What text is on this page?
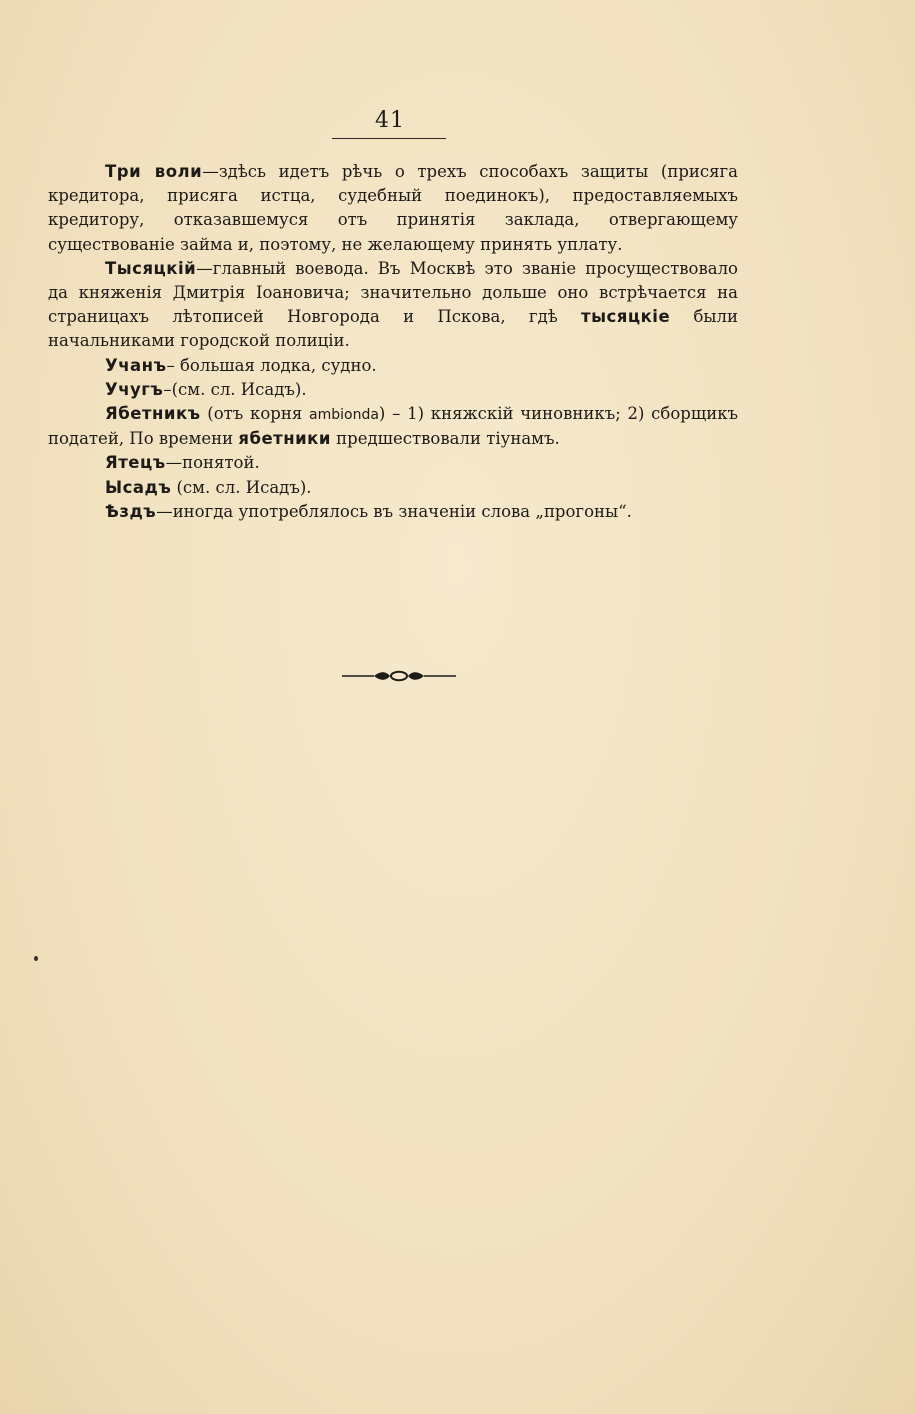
41

Три воли—здѣсь идетъ рѣчь о трехъ способахъ защиты (присяга кредитора, присяга истца, судебный поединокъ), предоставляемыхъ кредитору, отказавшемуся отъ принятія заклада, отвергающему существованіе займа и, поэтому, не желающему принять уплату.

Тысяцкій—главный воевода. Въ Москвѣ это званіе просуществовало да княженія Дмитрія Іоановича; значительно дольше оно встрѣчается на страницахъ лѣтописей Новгорода и Пскова, гдѣ тысяцкіе были начальниками городской полиціи.

Учанъ– большая лодка, судно.

Учугъ–(см. сл. Исадъ).

Ябетникъ (отъ корня ambionda) – 1) княжскій чиновникъ; 2) сборщикъ податей, По времени ябетники предшествовали тіунамъ.

Ятецъ—понятой.

Ысадъ (см. сл. Исадъ).

Ѣздъ—иногда употреблялось въ значеніи слова „прогоны“.
